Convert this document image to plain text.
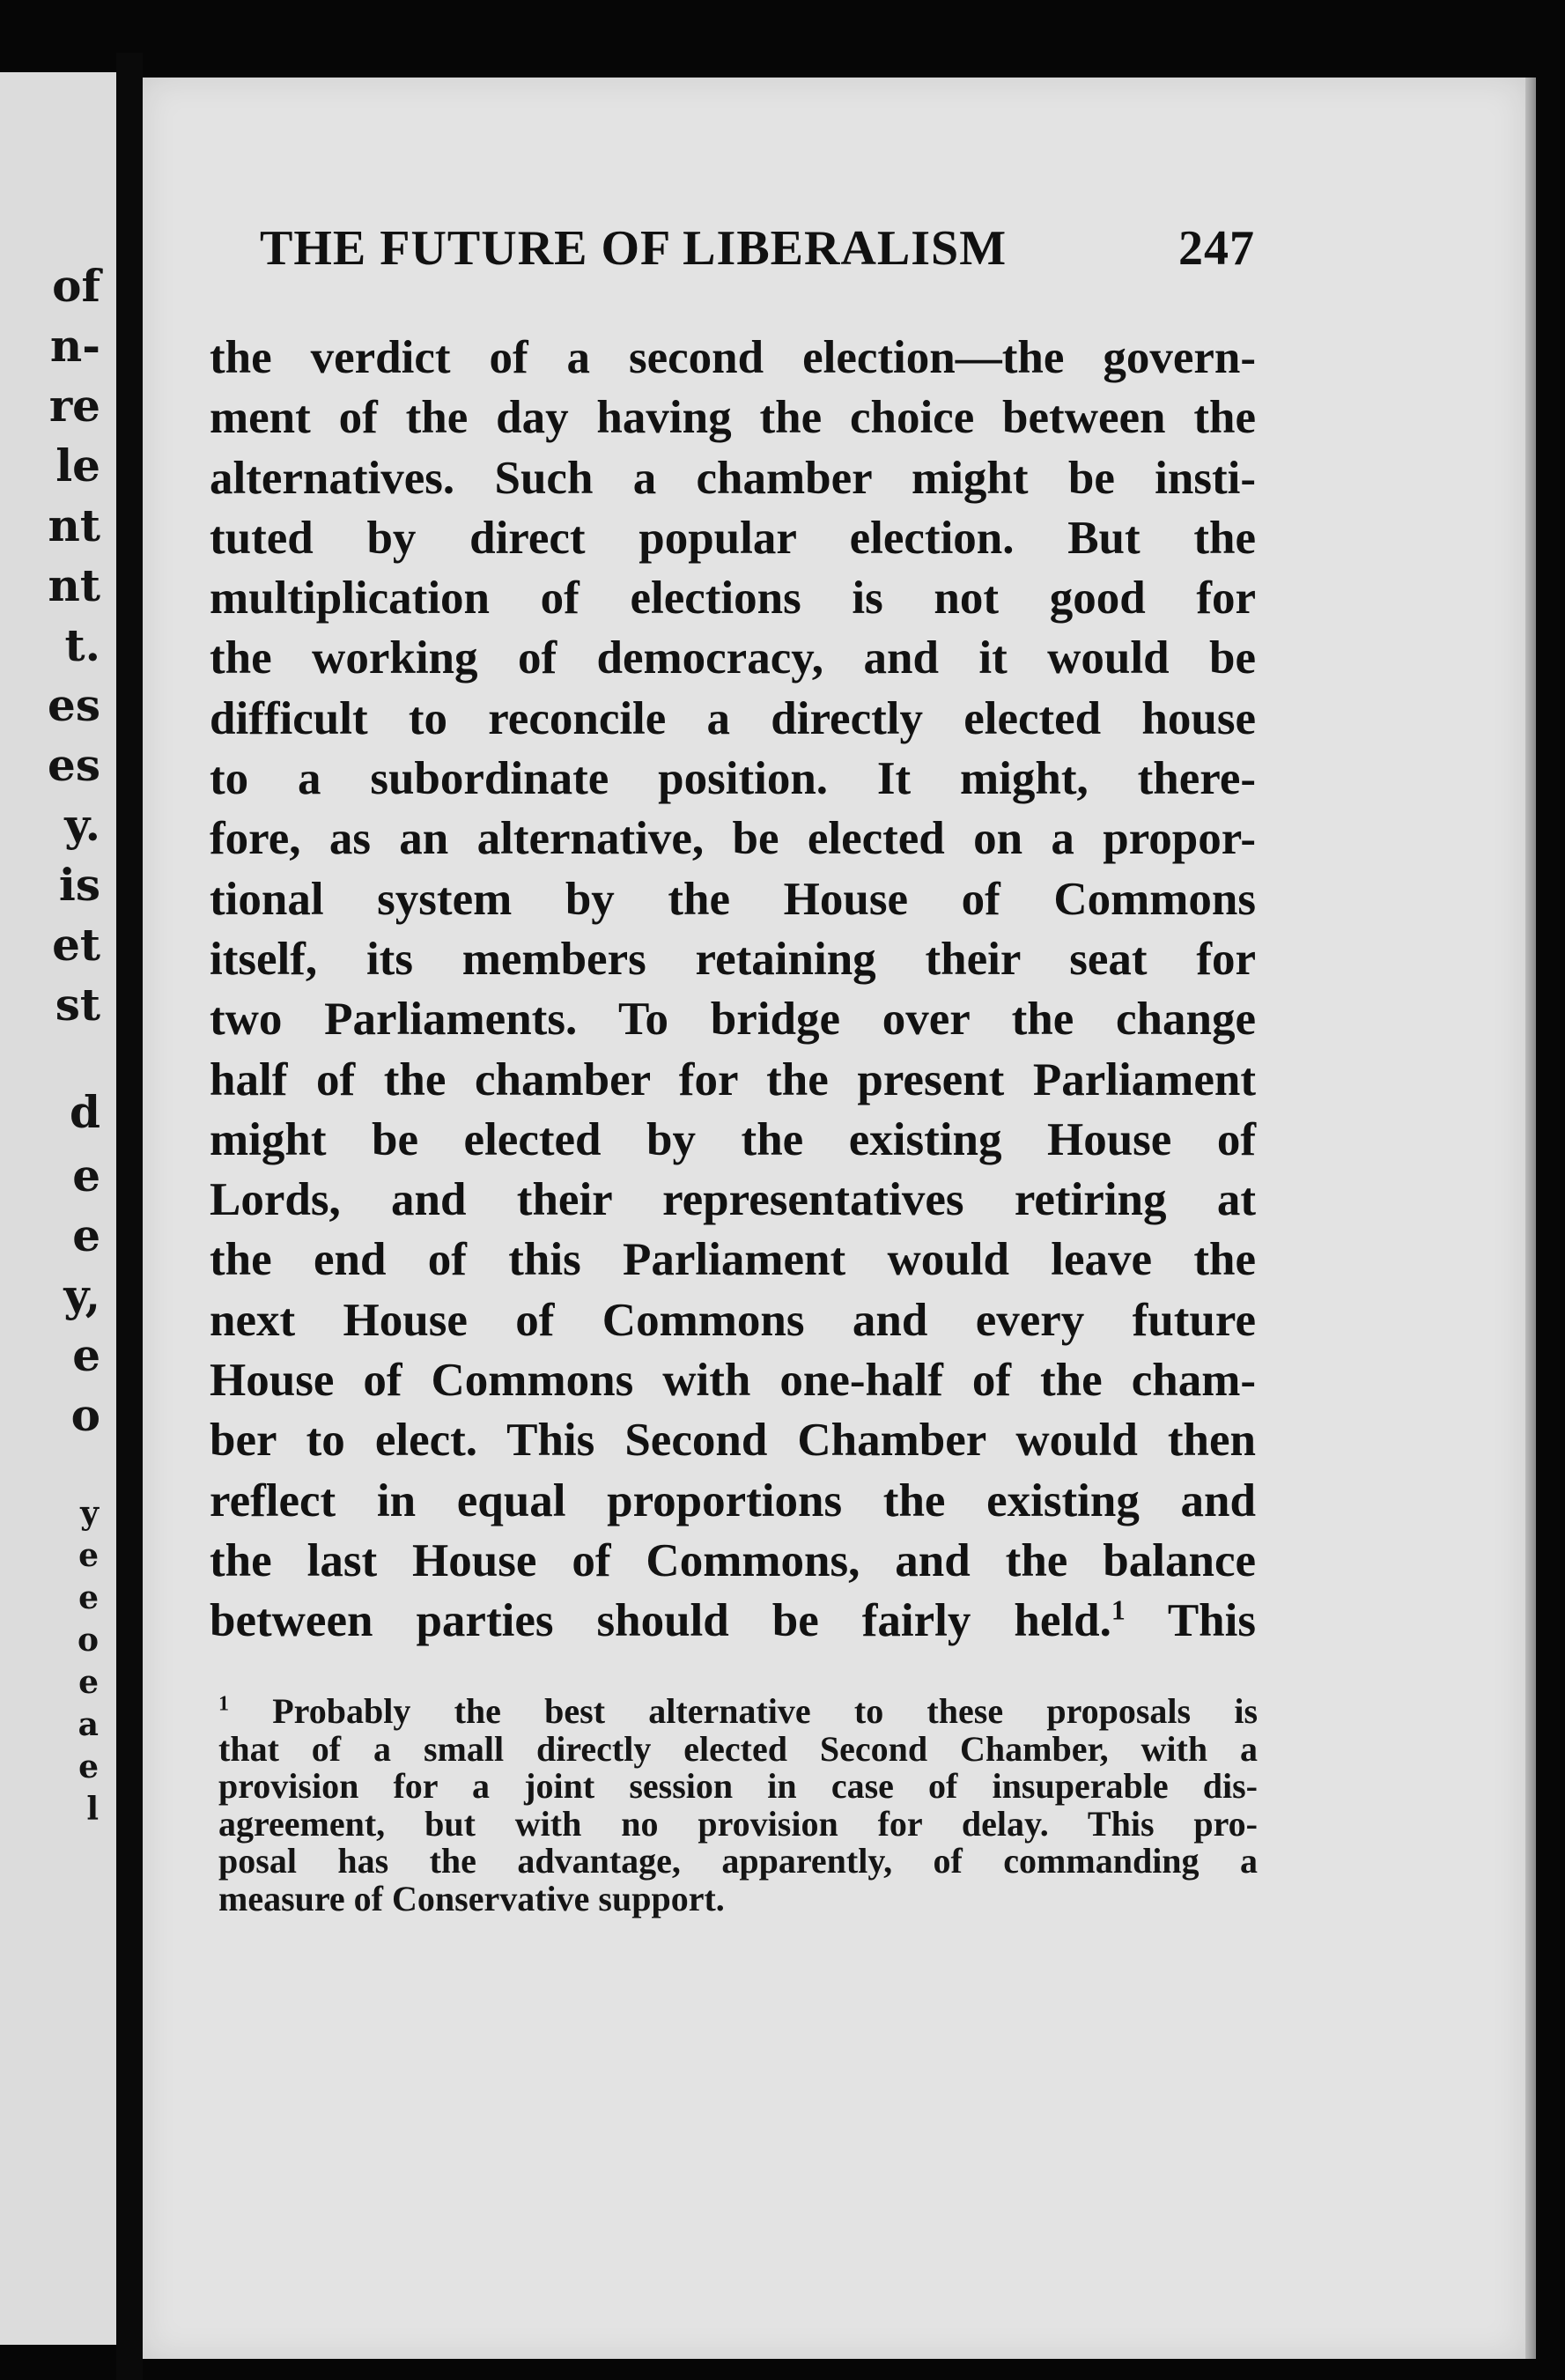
of
n-
re
le
nt
nt
t.
es
es
y.
is
et
st
d
e
e
y,
e
o
y
e
e
o
e
a
e
l
THE FUTURE OF LIBERALISM	247
the verdict of a second election—the govern-
ment of the day having the choice between the
alternatives. Such a chamber might be insti-
tuted by direct popular election. But the
multiplication of elections is not good for
the working of democracy, and it would be
difficult to reconcile a directly elected house
to a subordinate position. It might, there-
fore, as an alternative, be elected on a propor-
tional system by the House of Commons
itself, its members retaining their seat for
two Parliaments. To bridge over the change
half of the chamber for the present Parliament
might be elected by the existing House of
Lords, and their representatives retiring at
the end of this Parliament would leave the
next House of Commons and every future
House of Commons with one-half of the cham-
ber to elect. This Second Chamber would then
reflect in equal proportions the existing and
the last House of Commons, and the balance
between parties should be fairly held.$^1$ This
$^1$ Probably the best alternative to these proposals is
that of a small directly elected Second Chamber, with a
provision for a joint session in case of insuperable dis-
agreement, but with no provision for delay. This pro-
posal has the advantage, apparently, of commanding a
measure of Conservative support.
